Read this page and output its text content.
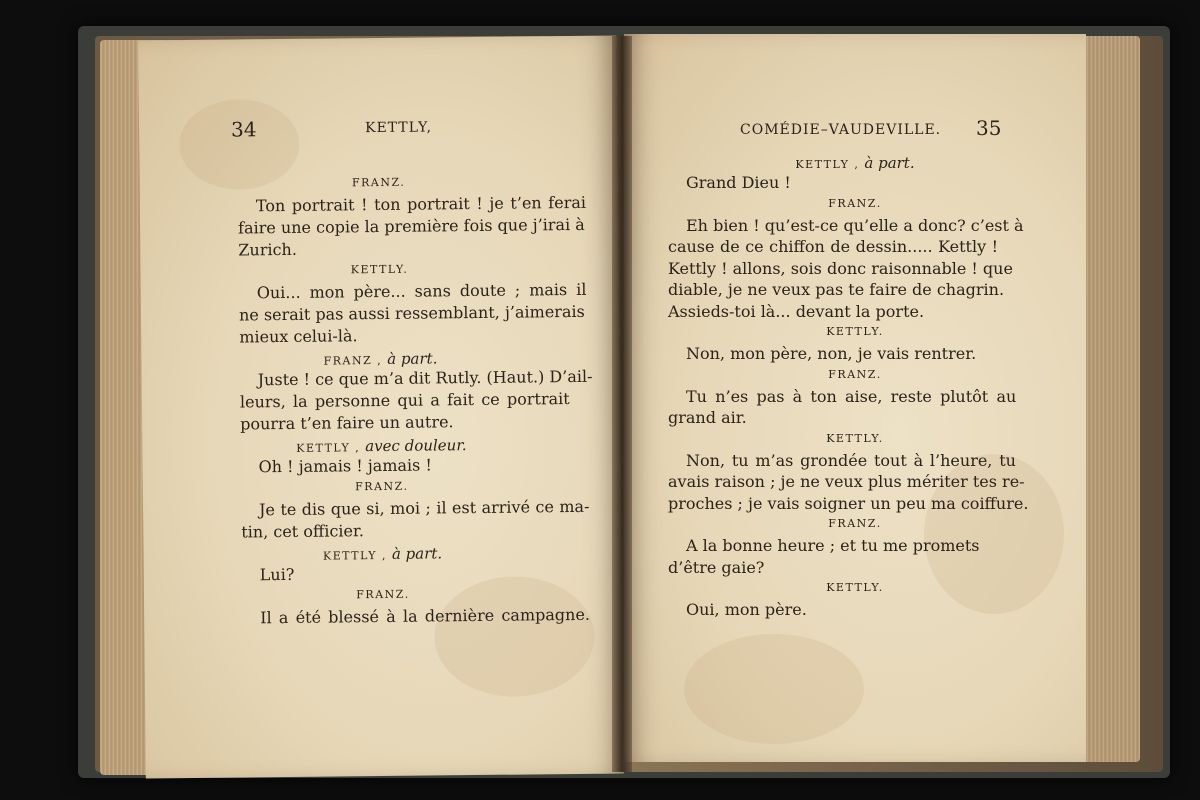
34	KETTLY,
FRANZ.
Ton portrait ! ton portrait ! je t’en ferai
faire une copie la première fois que j’irai à
Zurich.
KETTLY.
Oui... mon père... sans doute ; mais il
ne serait pas aussi ressemblant, j’aimerais
mieux celui-là.
FRANZ , à part.
Juste ! ce que m’a dit Rutly. (Haut.) D’ail-
leurs, la personne qui a fait ce portrait
pourra t’en faire un autre.
KETTLY , avec douleur.
Oh ! jamais ! jamais !
FRANZ.
Je te dis que si, moi ; il est arrivé ce ma-
tin, cet officier.
KETTLY , à part.
Lui?
FRANZ.
Il a été blessé à la dernière campagne.
COMÉDIE–VAUDEVILLE. 35
KETTLY , à part.
Grand Dieu !
FRANZ.
Eh bien ! qu’est-ce qu’elle a donc? c’est à
cause de ce chiffon de dessin..... Kettly !
Kettly ! allons, sois donc raisonnable ! que
diable, je ne veux pas te faire de chagrin.
Assieds-toi là... devant la porte.
KETTLY.
Non, mon père, non, je vais rentrer.
FRANZ.
Tu n’es pas à ton aise, reste plutôt au
grand air.
KETTLY.
Non, tu m’as grondée tout à l’heure, tu
avais raison ; je ne veux plus mériter tes re-
proches ; je vais soigner un peu ma coiffure.
FRANZ.
A la bonne heure ; et tu me promets
d’être gaie?
KETTLY.
Oui, mon père.
